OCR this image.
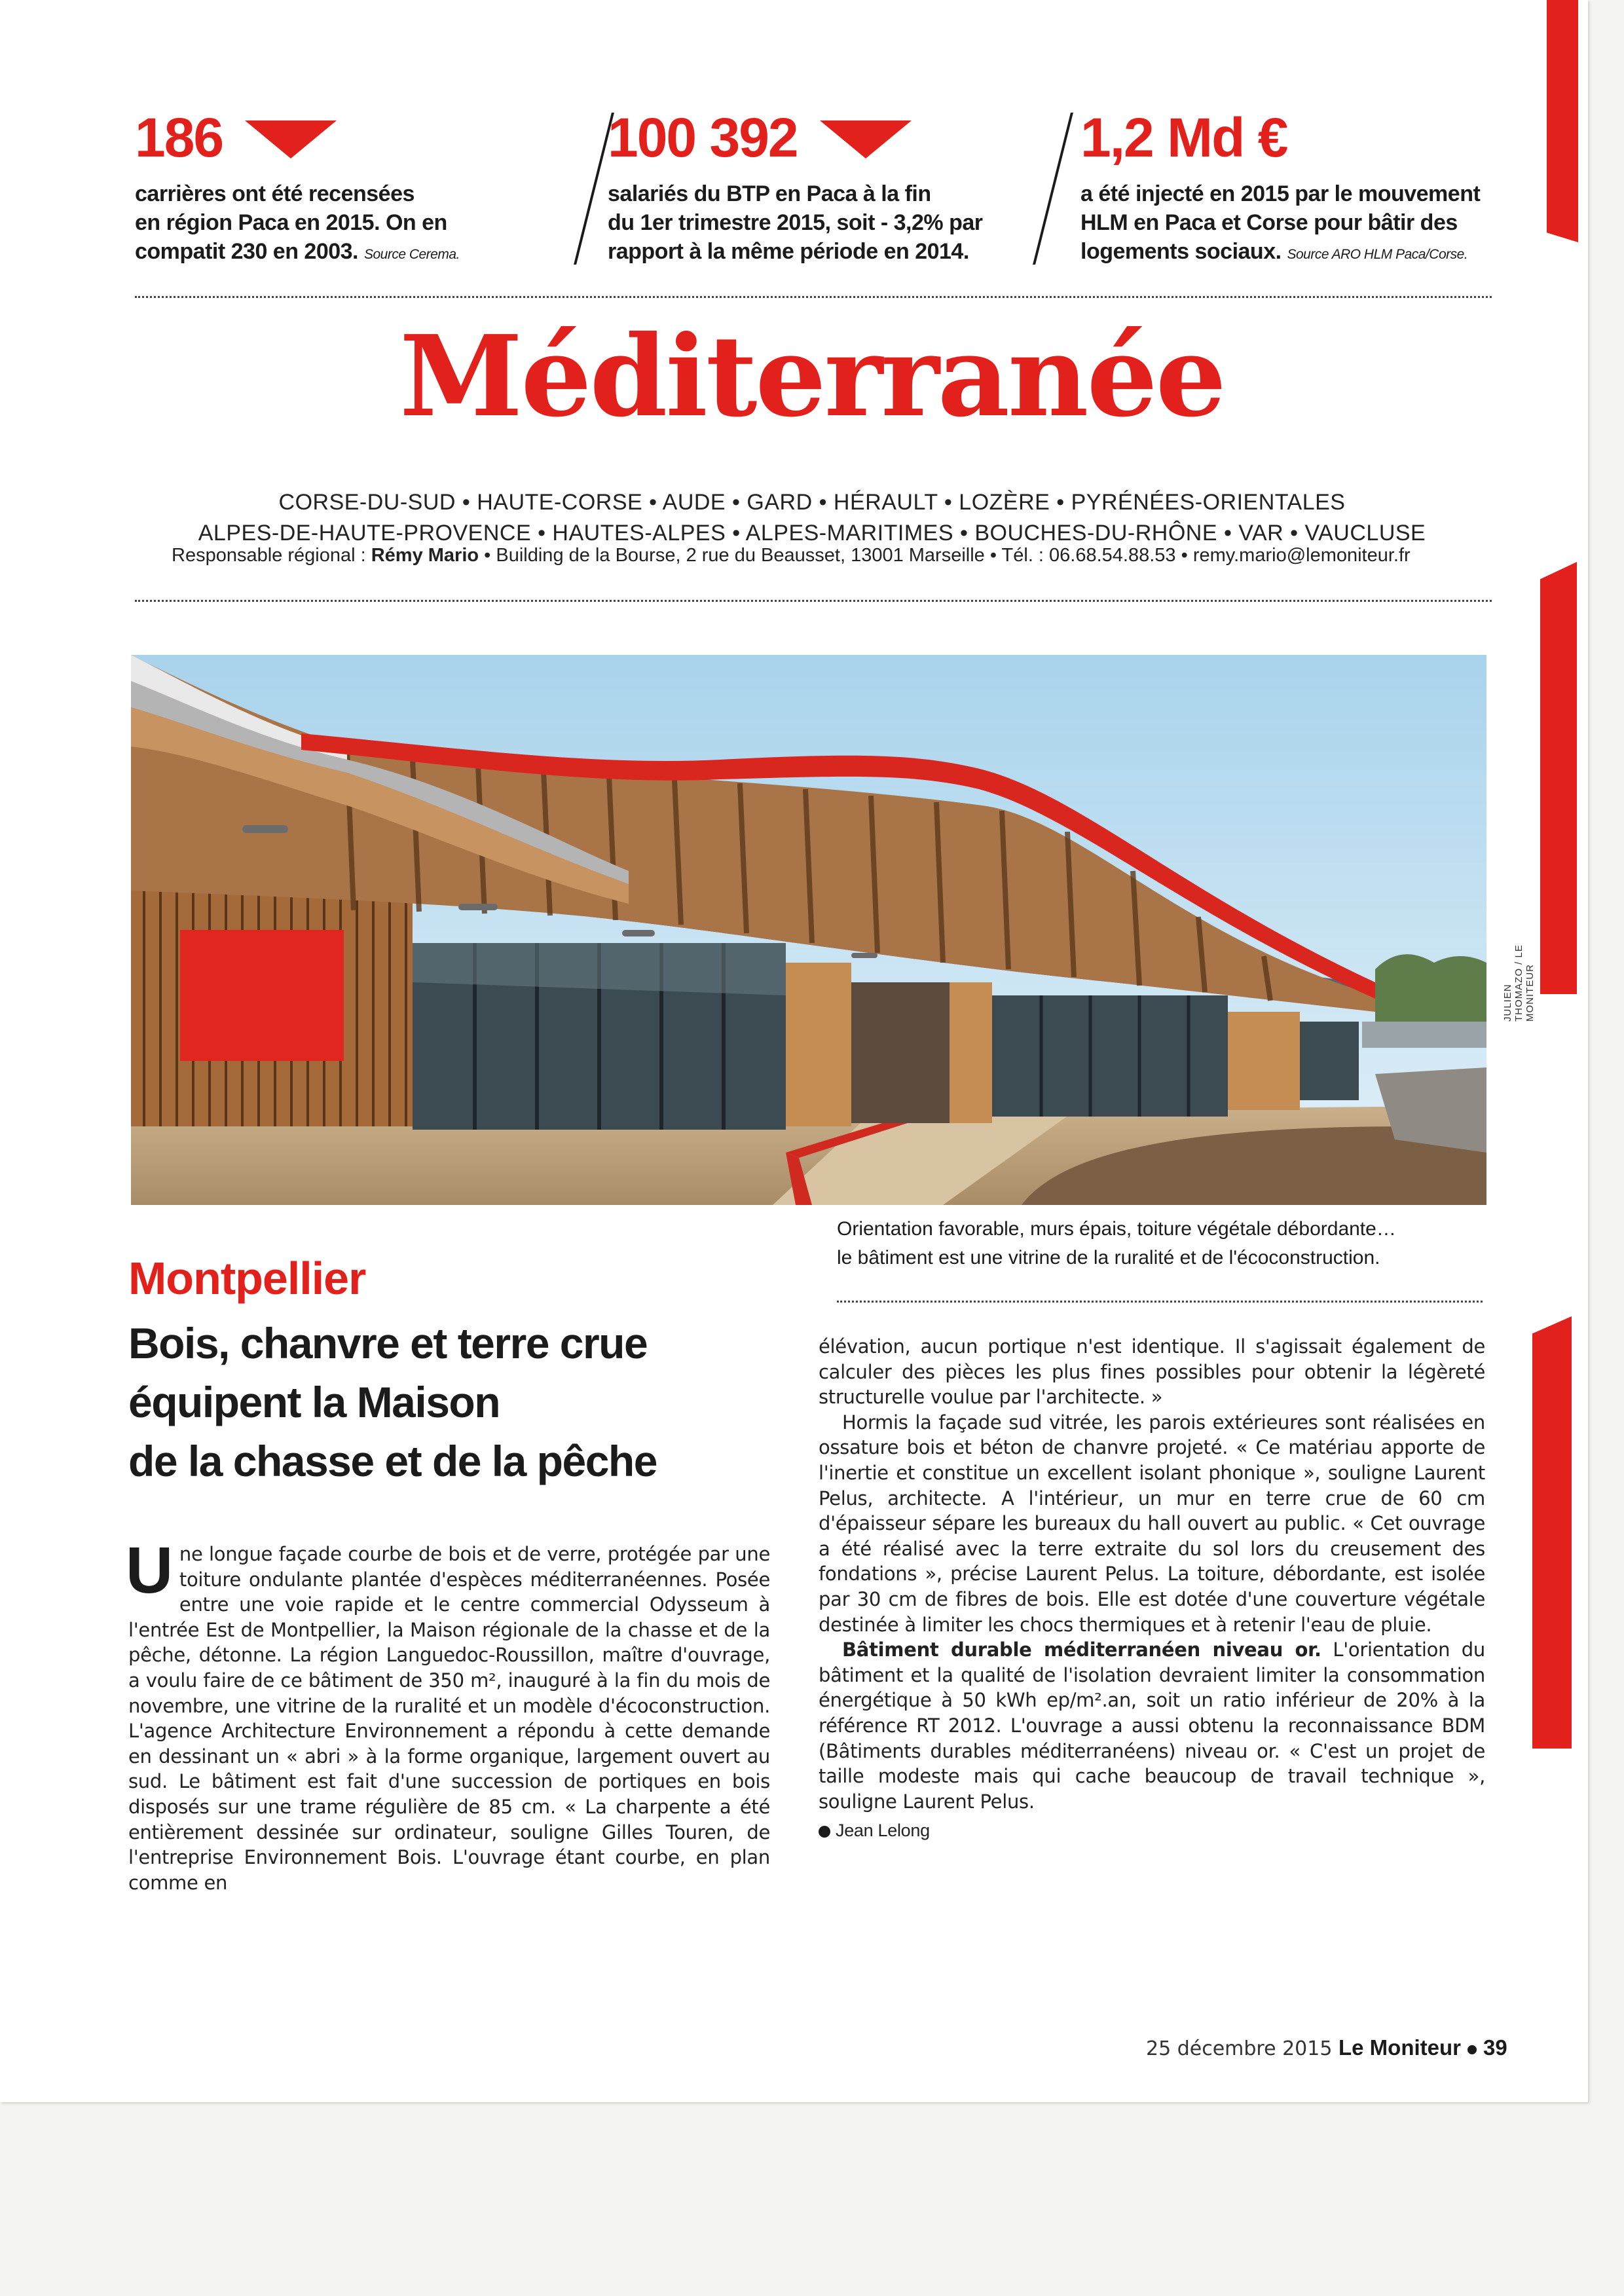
186
carrières ont été recensées
en région Paca en 2015. On en
compatit 230 en 2003. Source Cerema.
100 392
salariés du BTP en Paca à la fin
du 1er trimestre 2015, soit - 3,2% par
rapport à la même période en 2014.
1,2 Md €
a été injecté en 2015 par le mouvement
HLM en Paca et Corse pour bâtir des
logements sociaux. Source ARO HLM Paca/Corse.
Méditerranée
CORSE-DU-SUD • HAUTE-CORSE • AUDE • GARD • HÉRAULT • LOZÈRE • PYRÉNÉES-ORIENTALES
ALPES-DE-HAUTE-PROVENCE • HAUTES-ALPES • ALPES-MARITIMES • BOUCHES-DU-RHÔNE • VAR • VAUCLUSE
Responsable régional : Rémy Mario • Building de la Bourse, 2 rue du Beausset, 13001 Marseille • Tél. : 06.68.54.88.53 • remy.mario@lemoniteur.fr
JULIEN THOMAZO / LE MONITEUR
Orientation favorable, murs épais, toiture végétale débordante…
le bâtiment est une vitrine de la ruralité et de l'écoconstruction.
Montpellier
Bois, chanvre et terre crue
équipent la Maison
de la chasse et de la pêche

Une longue façade courbe de bois et de verre, protégée par une toiture ondulante plantée d'espèces méditerranéennes. Posée entre une voie rapide et le centre commercial Odysseum à l'entrée Est de Montpellier, la Maison régionale de la chasse et de la pêche, détonne. La région Languedoc-Roussillon, maître d'ouvrage, a voulu faire de ce bâtiment de 350 m², inauguré à la fin du mois de novembre, une vitrine de la ruralité et un modèle d'écoconstruction. L'agence Architecture Environnement a répondu à cette demande en dessinant un « abri » à la forme organique, largement ouvert au sud. Le bâtiment est fait d'une succession de portiques en bois disposés sur une trame régulière de 85 cm. « La charpente a été entièrement dessinée sur ordinateur, souligne Gilles Touren, de l'entreprise Environnement Bois. L'ouvrage étant courbe, en plan comme en

élévation, aucun portique n'est identique. Il s'agissait également de calculer des pièces les plus fines possibles pour obtenir la légèreté structurelle voulue par l'architecte. »

Hormis la façade sud vitrée, les parois extérieures sont réalisées en ossature bois et béton de chanvre projeté. « Ce matériau apporte de l'inertie et constitue un excellent isolant phonique », souligne Laurent Pelus, architecte. A l'intérieur, un mur en terre crue de 60 cm d'épaisseur sépare les bureaux du hall ouvert au public. « Cet ouvrage a été réalisé avec la terre extraite du sol lors du creusement des fondations », précise Laurent Pelus. La toiture, débordante, est isolée par 30 cm de fibres de bois. Elle est dotée d'une couverture végétale destinée à limiter les chocs thermiques et à retenir l'eau de pluie.

Bâtiment durable méditerranéen niveau or. L'orientation du bâtiment et la qualité de l'isolation devraient limiter la consommation énergétique à 50 kWh ep/m².an, soit un ratio inférieur de 20% à la référence RT 2012. L'ouvrage a aussi obtenu la reconnaissance BDM (Bâtiments durables méditerranéens) niveau or. « C'est un projet de taille modeste mais qui cache beaucoup de travail technique », souligne Laurent Pelus.

Jean Lelong

25 décembre 2015 Le Moniteur 39
